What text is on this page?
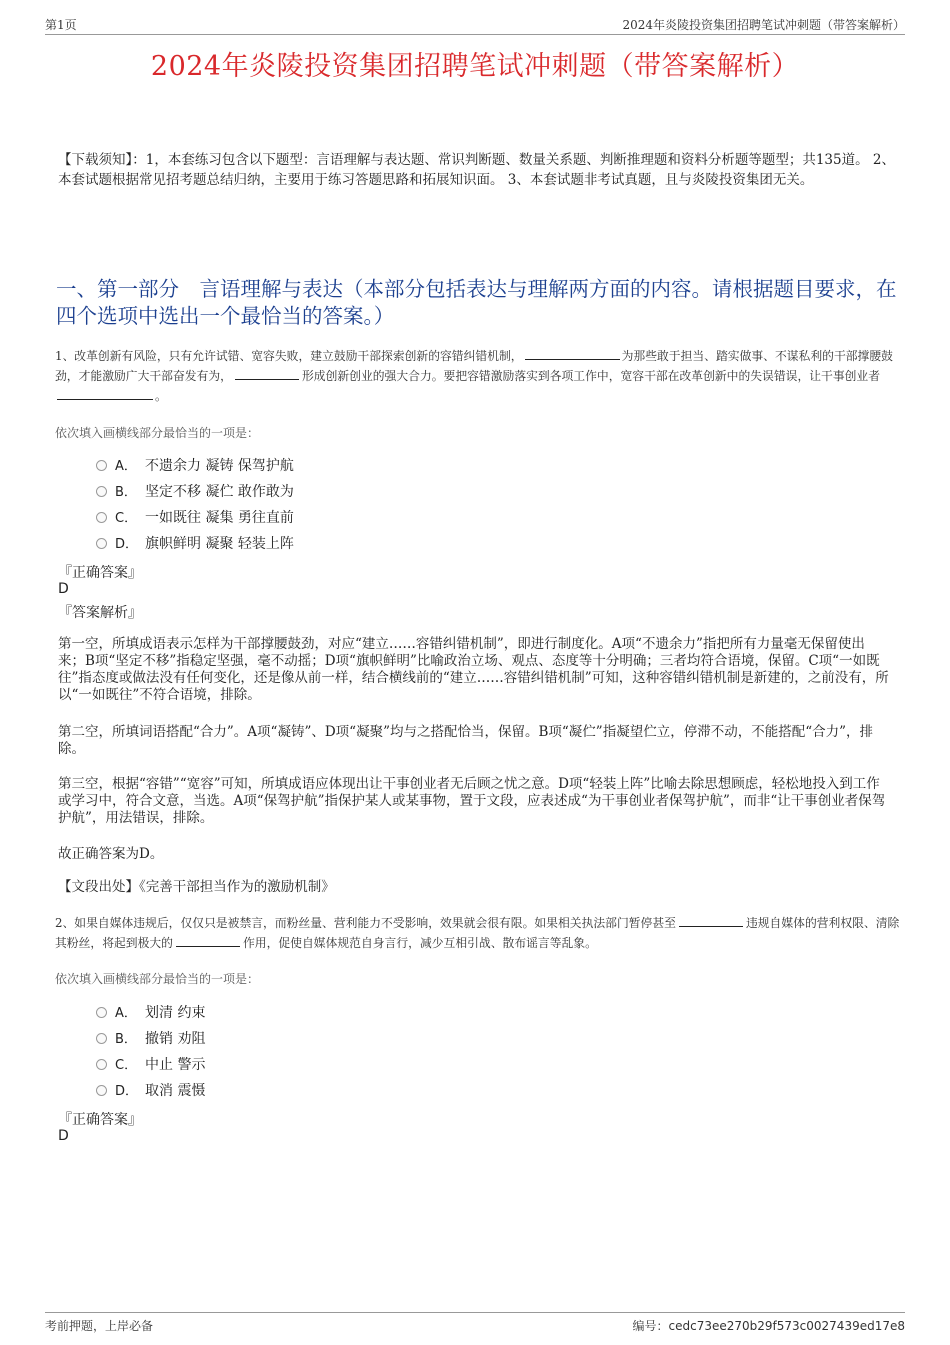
第1页	2024年炎陵投资集团招聘笔试冲刺题（带答案解析）
2024年炎陵投资集团招聘笔试冲刺题（带答案解析）
【下载须知】：1，本套练习包含以下题型：言语理解与表达题、常识判断题、数量关系题、判断推理题和资料分析题等题型；共135道。 2、本套试题根据常见招考题总结归纳，主要用于练习答题思路和拓展知识面。 3、本套试题非考试真题，且与炎陵投资集团无关。
一、第一部分　言语理解与表达（本部分包括表达与理解两方面的内容。请根据题目要求，在四个选项中选出一个最恰当的答案。）
1、改革创新有风险，只有允许试错、宽容失败，建立鼓励干部探索创新的容错纠错机制，	为那些敢于担当、踏实做事、不谋私利的干部撑腰鼓劲，才能激励广大干部奋发有为，	形成创新创业的强大合力。要把容错激励落实到各项工作中，宽容干部在改革创新中的失误错误，让干事创业者。
依次填入画横线部分最恰当的一项是：
A． 不遗余力 凝铸 保驾护航
B． 坚定不移 凝伫 敢作敢为
C． 一如既往 凝集 勇往直前
D． 旗帜鲜明 凝聚 轻装上阵
『正确答案』
D
『答案解析』
第一空，所填成语表示怎样为干部撑腰鼓劲，对应“建立……容错纠错机制”，即进行制度化。A项“不遗余力”指把所有力量毫无保留使出来；B项“坚定不移”指稳定坚强，毫不动摇；D项“旗帜鲜明”比喻政治立场、观点、态度等十分明确；三者均符合语境，保留。C项“一如既往”指态度或做法没有任何变化，还是像从前一样，结合横线前的“建立……容错纠错机制”可知，这种容错纠错机制是新建的，之前没有，所以“一如既往”不符合语境，排除。
第二空，所填词语搭配“合力”。A项“凝铸”、D项“凝聚”均与之搭配恰当，保留。B项“凝伫”指凝望伫立，停滞不动，不能搭配“合力”，排除。
第三空，根据“容错”“宽容”可知，所填成语应体现出让干事创业者无后顾之忧之意。D项“轻装上阵”比喻去除思想顾虑，轻松地投入到工作或学习中，符合文意，当选。A项“保驾护航”指保护某人或某事物，置于文段，应表述成“为干事创业者保驾护航”，而非“让干事创业者保驾护航”，用法错误，排除。
故正确答案为D。
【文段出处】《完善干部担当作为的激励机制》
2、如果自媒体违规后，仅仅只是被禁言，而粉丝量、营利能力不受影响，效果就会很有限。如果相关执法部门暂停甚至	违规自媒体的营利权限、清除其粉丝，将起到极大的	作用，促使自媒体规范自身言行，减少互相引战、散布谣言等乱象。
依次填入画横线部分最恰当的一项是：
A． 划清 约束
B． 撤销 劝阻
C． 中止 警示
D． 取消 震慑
『正确答案』
D
考前押题，上岸必备	编号：cedc73ee270b29f573c0027439ed17e8
